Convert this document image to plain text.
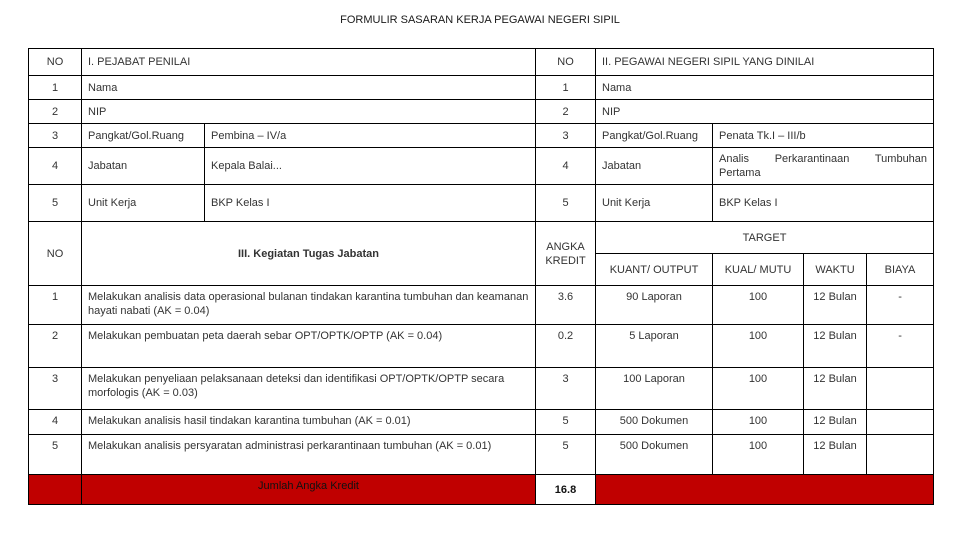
FORMULIR SASARAN KERJA PEGAWAI NEGERI SIPIL
NO	I. PEJABAT PENILAI		NO	II. PEGAWAI NEGERI SIPIL YANG DINILAI			
1	Nama		1	Nama			
2	NIP		2	NIP			
3	Pangkat/Gol.Ruang	Pembina – IV/a	3	Pangkat/Gol.Ruang	Penata Tk.I – III/b		
4	Jabatan	Kepala Balai...	4	Jabatan	Analis Perkarantinaan Tumbuhan
Pertama		

5	Unit Kerja	BKP Kelas I	5	Unit Kerja	BKP Kelas I		
NO	III. Kegiatan Tugas Jabatan		ANGKA KREDIT	TARGET			
				KUANT/ OUTPUT	KUAL/ MUTU	WAKTU	BIAYA
1	Melakukan analisis data operasional bulanan tindakan karantina tumbuhan dan keamanan hayati nabati (AK = 0.04)		3.6	90 Laporan	100	12 Bulan	-
2	Melakukan pembuatan peta daerah sebar OPT/OPTK/OPTP (AK = 0.04)		0.2	5 Laporan	100	12 Bulan	-
3	Melakukan penyeliaan pelaksanaan deteksi dan identifikasi OPT/OPTK/OPTP secara morfologis (AK = 0.03)		3	100 Laporan	100	12 Bulan	
4	Melakukan analisis hasil tindakan karantina tumbuhan (AK = 0.01)		5	500 Dokumen	100	12 Bulan	
5	Melakukan analisis persyaratan administrasi perkarantinaan tumbuhan (AK = 0.01)		5	500 Dokumen	100	12 Bulan	
	Jumlah Angka Kredit		16.8				
